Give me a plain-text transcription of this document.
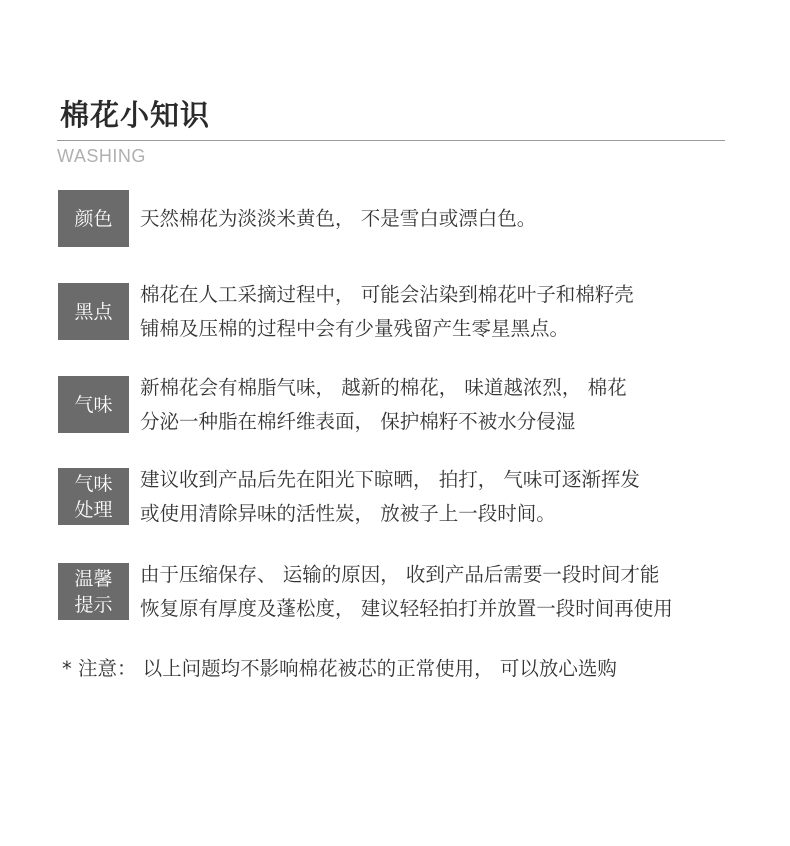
棉花小知识
WASHING
颜色 天然棉花为淡淡米黄色， 不是雪白或漂白色。
黑点
棉花在人工采摘过程中， 可能会沾染到棉花叶子和棉籽壳
铺棉及压棉的过程中会有少量残留产生零星黑点。
气味
新棉花会有棉脂气味， 越新的棉花， 味道越浓烈， 棉花
分泌一种脂在棉纤维表面， 保护棉籽不被水分侵湿
气味
处理
建议收到产品后先在阳光下晾晒， 拍打， 气味可逐渐挥发
或使用清除异味的活性炭， 放被子上一段时间。
温馨
提示
由于压缩保存、 运输的原因， 收到产品后需要一段时间才能
恢复原有厚度及蓬松度， 建议轻轻拍打并放置一段时间再使用
* 注意： 以上问题均不影响棉花被芯的正常使用， 可以放心选购
